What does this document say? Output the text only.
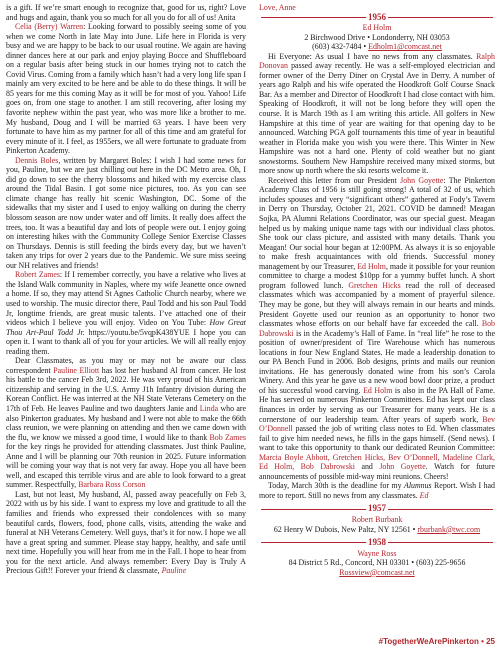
is a gift. If we’re smart enough to recognize that, good for us, right? Love and hugs and again, thank you so much for all you do for all of us! Anita

Celia (Berry) Warren: Looking forward to possibly seeing some of you when we come North in late May into June. Life here in Florida is very busy and we are happy to be back to our usual routine. We again are having dinner dances here at our park and enjoy playing Bocce and Shuffleboard on a regular basis after being stuck in our homes trying not to catch the Covid Virus. Coming from a family which hasn’t had a very long life span I mainly am very excited to be here and be able to do these things. It will be 85 years for me this coming May as it will be for most of you. Yahoo! Life goes on, from one stage to another. I am still recovering, after losing my favorite nephew within the past year, who was more like a brother to me. My husband, Doug and I will be married 63 years. I have been very fortunate to have him as my partner for all of this time and am grateful for every minute of it. I feel, as 1955ers, we all were fortunate to graduate from Pinkerton Academy.

Dennis Boles, written by Margaret Boles: I wish I had some news for you, Pauline, but we are just chilling out here in the DC Metro area. Oh, I did go down to see the cherry blossoms and hiked with my exercise class around the Tidal Basin. I got some nice pictures, too. As you can see climate change has really hit scenic Washington, DC. Some of the sidewalks that my sister and I used to enjoy walking on during the cherry blossom season are now under water and off limits. It really does affect the trees, too. It was a beautiful day and lots of people were out. I enjoy going on interesting hikes with the Community College Senior Exercise Classes on Thursdays. Dennis is still feeding the birds every day, but we haven’t taken any trips for over 2 years due to the Pandemic. We sure miss seeing our NH relatives and friends!

Robert Zames: If I remember correctly, you have a relative who lives at the Island Walk community in Naples, where my wife Jeanette once owned a home. If so, they may attend St Agnes Catholic Church nearby, where we used to worship. The music director there, Paul Todd and his son Paul Todd Jr, longtime friends, are great music talents. I’ve attached one of their videos which I believe you will enjoy. Video on You Tube: How Great Thou Art-Paul Todd Jr. https://youtu.be/5vqpK438YUE I hope you can open it. I want to thank all of you for your articles. We will all really enjoy reading them.

Dear Classmates, as you may or may not be aware our class correspondent Pauline Elliott has lost her husband Al from cancer. He lost his battle to the cancer Feb 3rd, 2022. He was very proud of his American citizenship and serving in the U.S. Army J1h Infantry division during the Korean Conflict. He was interred at the NH State Veterans Cemetery on the 17th of Feb. He leaves Pauline and two daughters Janie and Linda who are also Pinkerton graduates. My husband and I were not able to make the 66th class reunion, we were planning on attending and then we came down with the flu, we know we missed a good time, I would like to thank Bob Zames for the key rings he provided for attending classmates. Just think Pauline, Anne and I will be planning our 70th reunion in 2025. Future information will be coming your way that is not very far away. Hope you all have been well, and escaped this terrible virus and are able to look forward to a great summer. Respectfully, Barbara Ross Corson

Last, but not least, My husband, Al, passed away peacefully on Feb 3, 2022 with us by his side. I want to express my love and gratitude to all the families and friends who expressed their condolences with so many beautiful cards, flowers, food, phone calls, visits, attending the wake and funeral at NH Veterans Cemetery. Well guys, that’s it for now. I hope we all have a great spring and summer. Please stay happy, healthy, and safe until next time. Hopefully you will hear from me in the Fall. I hope to hear from you for the next article. And always remember: Every Day is Truly A Precious Gift!! Forever your friend & classmate, Pauline

Love, Anne

1956

Ed Holm

2 Birchwood Drive • Londonderry, NH 03053

(603) 432-7484 • Edholm1@comcast.net

Hi Everyone: As usual I have no news from any classmates. Ralph Donovan passed away recently. He was a self-employed electrician and former owner of the Derry Diner on Crystal Ave in Derry. A number of years ago Ralph and his wife operated the Hoodkroft Golf Course Snack Bar. As a member and Director of Hoodkroft I had close contact with him. Speaking of Hoodkroft, it will not be long before they will open the course. It is March 19th as I am writing this article. All golfers in New Hampshire at this time of year are waiting for that opening day to be announced. Watching PGA golf tournaments this time of year in beautiful weather in Florida make you wish you were there. This Winter in New Hampshire was not a hard one. Plenty of cold weather but no giant snowstorms. Southern New Hampshire received many mixed storms, but more snow up north where the ski resorts welcome it.

Received this letter from our President John Goyette: The Pinkerton Academy Class of 1956 is still going strong! A total of 32 of us, which includes spouses and very “significant others” gathered at Fody’s Tavern in Derry on Thursday, October 21, 2021. COVID be damned! Meagan Sojka, PA Alumni Relations Coordinator, was our special guest. Meagan helped us by making unique name tags with our individual class photos. She took our class picture, and assisted with many details. Thank you Meagan! Our social hour began at 12:00PM. As always it is so enjoyable to make fresh acquaintances with old friends. Successful money management by our Treasurer, Ed Holm, made it possible for your reunion committee to charge a modest $10pp for a yummy buffet lunch. A short program followed lunch. Gretchen Hicks read the roll of deceased classmates which was accompanied by a moment of prayerful silence. They may be gone, but they will always remain in our hearts and minds. President Goyette used our reunion as an opportunity to honor two classmates whose efforts on our behalf have far exceeded the call. Bob Dabrowski is in the Academy’s Hall of Fame. In “real life” he rose to the position of owner/president of Tire Warehouse which has numerous locations in four New England States. He made a leadership donation to our PA Bench Fund in 2006. Bob designs, prints and mails our reunion invitations. He has generously donated wine from his son’s Carola Winery. And this year he gave us a new wood bowl door prize, a product of his successful wood carving. Ed Holm is also in the PA Hall of Fame. He has served on numerous Pinkerton Committees. Ed has kept our class finances in order by serving as our Treasurer for many years. He is a cornerstone of our leadership team. After years of superb work, Bev O’Donnell passed the job of writing class notes to Ed. When classmates fail to give him needed news, he fills in the gaps himself. (Send news). I want to take this opportunity to thank our dedicated Reunion Committee: Marcia Boyle Abbott, Gretchen Hicks, Bev O’Donnell, Madeline Clark, Ed Holm, Bob Dabrowski and John Goyette. Watch for future announcements of possible mid-way mini reunions. Cheers!

Today, March 30th is the deadline for my Alumnus Report. Wish I had more to report. Still no news from any classmates. Ed

1957

Robert Burbank

62 Henry W Dubois, New Paltz, NY 12561 • rburbank@twc.com

1958

Wayne Ross

84 District 5 Rd., Concord, NH 03301 • (603) 225-9656

Rossview@comcast.net

#TogetherWeArePinkerton • 25
